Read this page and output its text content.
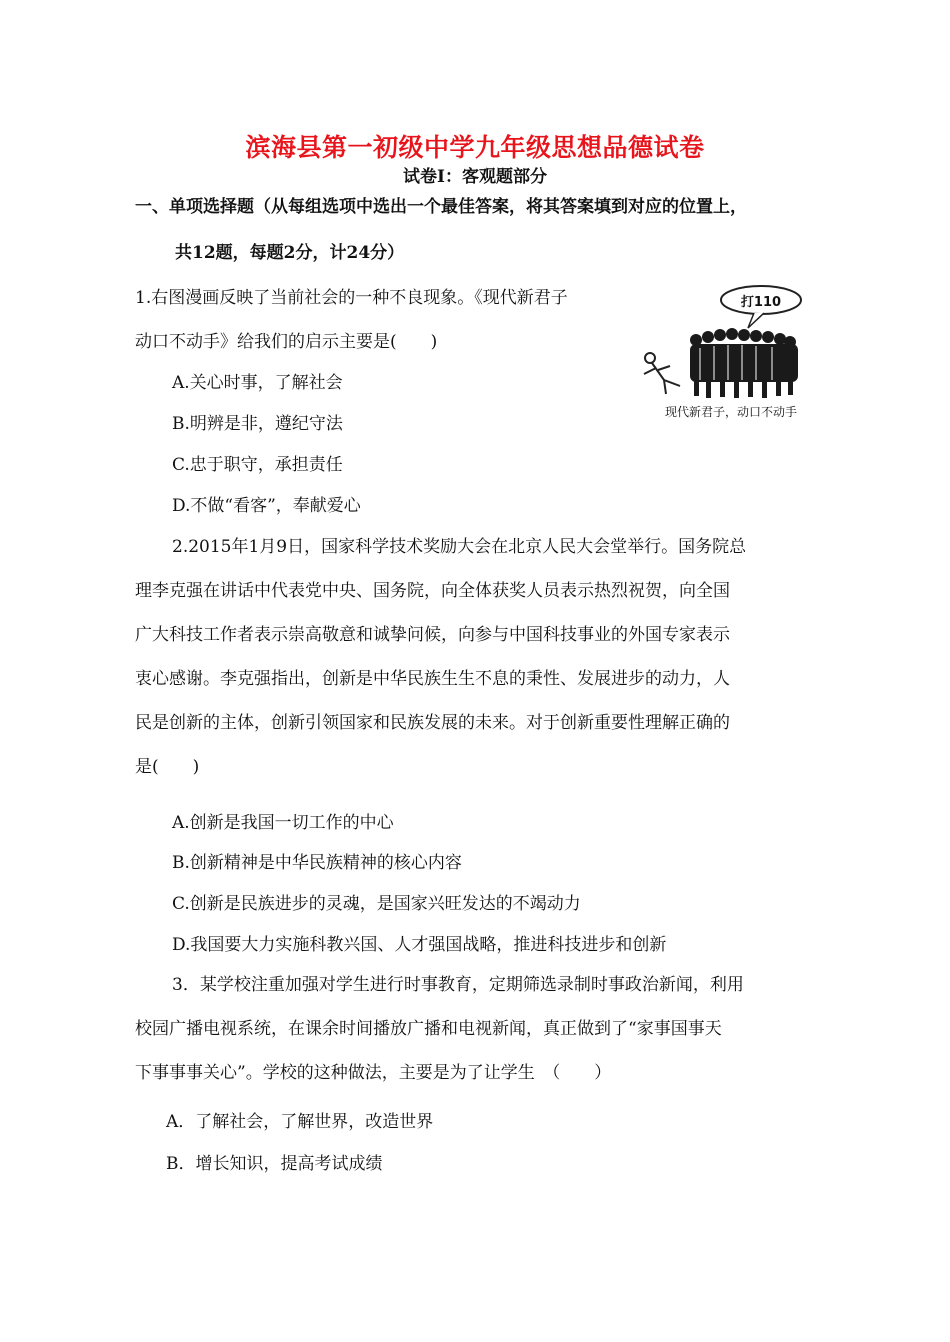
滨海县第一初级中学九年级思想品德试卷
试卷Ⅰ：客观题部分
一、单项选择题（从每组选项中选出一个最佳答案，将其答案填到对应的位置上，
共12题，每题2分，计24分）
1.右图漫画反映了当前社会的一种不良现象。《现代新君子
动口不动手》给我们的启示主要是(　　)
A.关心时事，了解社会
B.明辨是非，遵纪守法
C.忠于职守，承担责任
D.不做“看客”，奉献爱心
打110
现代新君子，动口不动手
2.2015年1月9日，国家科学技术奖励大会在北京人民大会堂举行。国务院总
理李克强在讲话中代表党中央、国务院，向全体获奖人员表示热烈祝贺，向全国
广大科技工作者表示崇高敬意和诚挚问候，向参与中国科技事业的外国专家表示
衷心感谢。李克强指出，创新是中华民族生生不息的秉性、发展进步的动力，人
民是创新的主体，创新引领国家和民族发展的未来。对于创新重要性理解正确的
是(　　)
A.创新是我国一切工作的中心
B.创新精神是中华民族精神的核心内容
C.创新是民族进步的灵魂，是国家兴旺发达的不竭动力
D.我国要大力实施科教兴国、人才强国战略，推进科技进步和创新
3．某学校注重加强对学生进行时事教育，定期筛选录制时事政治新闻，利用
校园广播电视系统，在课余时间播放广播和电视新闻，真正做到了“家事国事天
下事事事关心”。学校的这种做法，主要是为了让学生　（　　）
A．了解社会，了解世界，改造世界
B．增长知识，提高考试成绩
